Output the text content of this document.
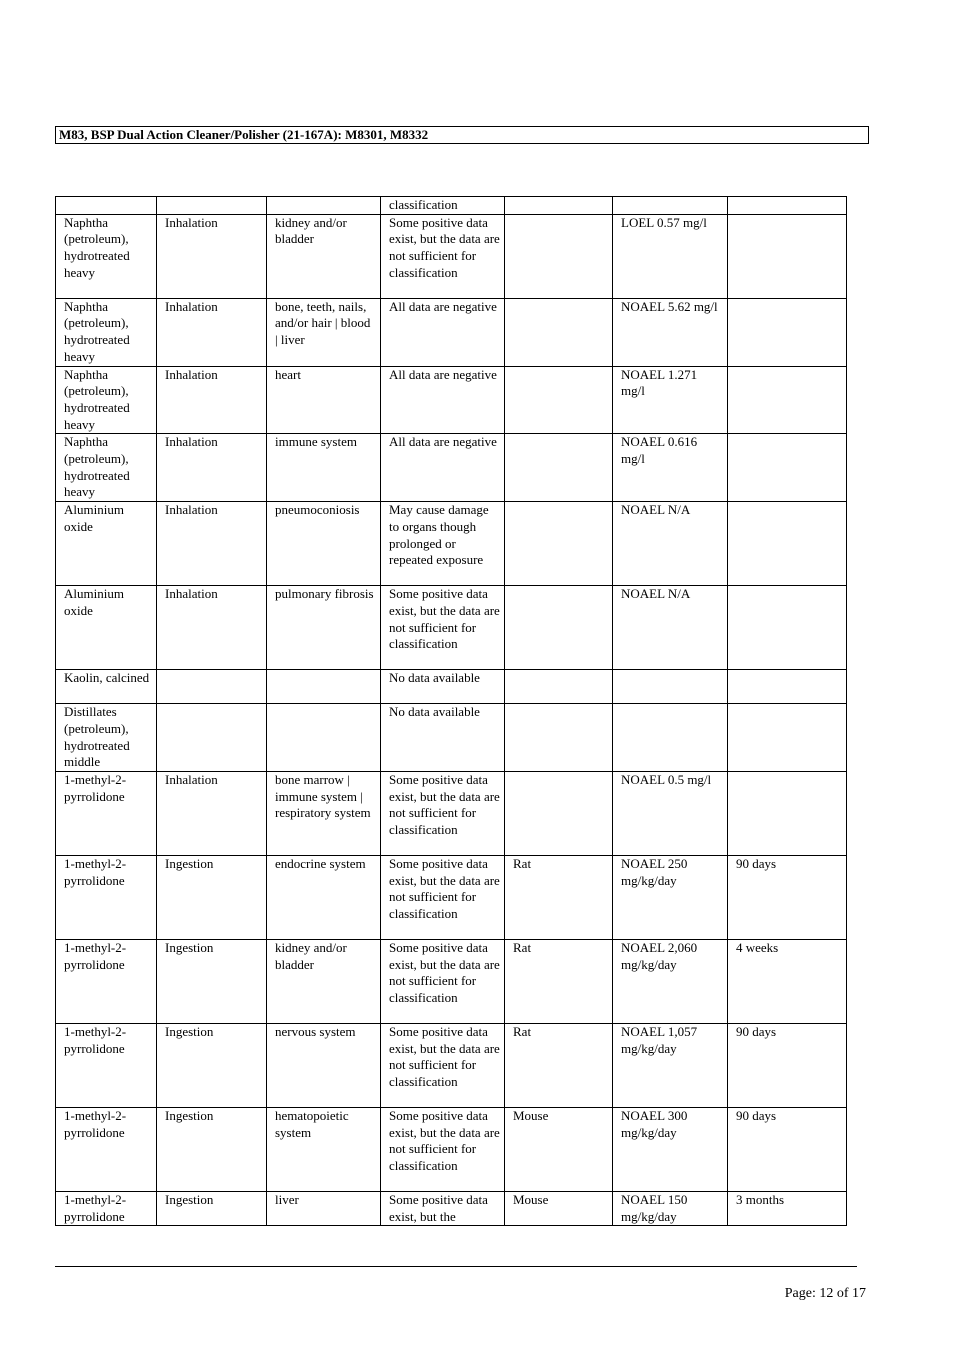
M83, BSP Dual Action Cleaner/Polisher (21-167A): M8301, M8332
			classification			
Naphtha (petroleum), hydrotreated heavy	Inhalation	kidney and/or bladder	Some positive data exist, but the data are not sufficient for classification		LOEL 0.57 mg/l	
Naphtha (petroleum), hydrotreated heavy	Inhalation	bone, teeth, nails, and/or hair | blood | liver	All data are negative		NOAEL 5.62 mg/l	
Naphtha (petroleum), hydrotreated heavy	Inhalation	heart	All data are negative		NOAEL 1.271 mg/l	
Naphtha (petroleum), hydrotreated heavy	Inhalation	immune system	All data are negative		NOAEL 0.616 mg/l	
Aluminium oxide	Inhalation	pneumoconiosis	May cause damage to organs though prolonged or repeated exposure		NOAEL N/A	
Aluminium oxide	Inhalation	pulmonary fibrosis	Some positive data exist, but the data are not sufficient for classification		NOAEL N/A	
Kaolin, calcined			No data available			
Distillates (petroleum), hydrotreated middle			No data available			
1-methyl-2-pyrrolidone	Inhalation	bone marrow | immune system | respiratory system	Some positive data exist, but the data are not sufficient for classification		NOAEL 0.5 mg/l	
1-methyl-2-pyrrolidone	Ingestion	endocrine system	Some positive data exist, but the data are not sufficient for classification	Rat	NOAEL 250 mg/kg/day	90 days
1-methyl-2-pyrrolidone	Ingestion	kidney and/or bladder	Some positive data exist, but the data are not sufficient for classification	Rat	NOAEL 2,060 mg/kg/day	4 weeks
1-methyl-2-pyrrolidone	Ingestion	nervous system	Some positive data exist, but the data are not sufficient for classification	Rat	NOAEL 1,057 mg/kg/day	90 days
1-methyl-2-pyrrolidone	Ingestion	hematopoietic system	Some positive data exist, but the data are not sufficient for classification	Mouse	NOAEL 300 mg/kg/day	90 days
1-methyl-2-pyrrolidone	Ingestion	liver	Some positive data exist, but the	Mouse	NOAEL 150 mg/kg/day	3 months
Page: 12 of 17
